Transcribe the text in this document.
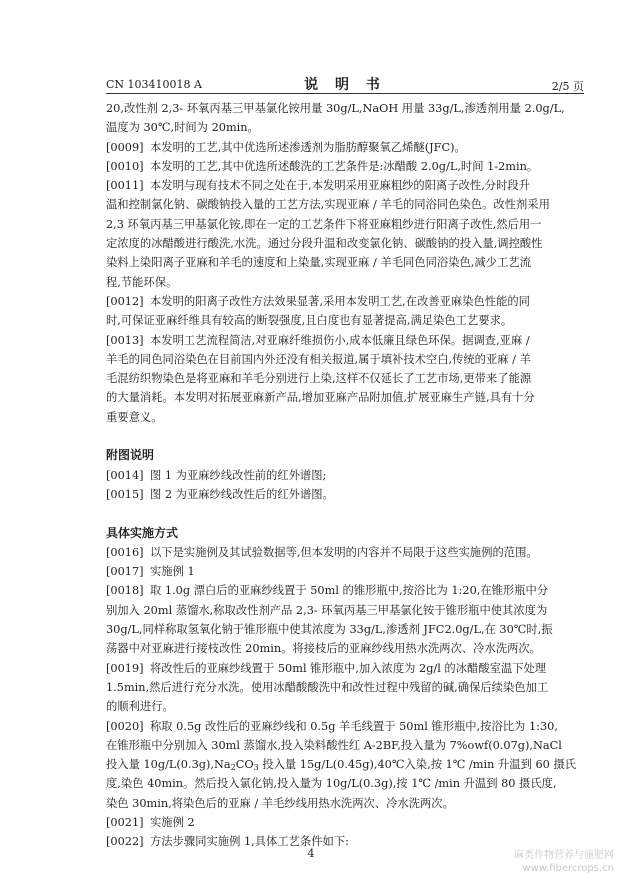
CN 103410018 A	说 明 书	2/5 页
20,改性剂 2,3- 环氧丙基三甲基氯化铵用量 30g/L,NaOH 用量 33g/L,渗透剂用量 2.0g/L,
温度为 30℃,时间为 20min。
[0009] 本发明的工艺,其中优选所述渗透剂为脂肪醇聚氧乙烯醚(JFC)。
[0010] 本发明的工艺,其中优选所述酸洗的工艺条件是:冰醋酸 2.0g/L,时间 1-2min。
[0011] 本发明与现有技术不同之处在于,本发明采用亚麻粗纱的阳离子改性,分时段升
温和控制氯化钠、碳酸钠投入量的工艺方法,实现亚麻 / 羊毛的同浴同色染色。改性剂采用
2,3 环氧丙基三甲基氯化铵,即在一定的工艺条件下将亚麻粗纱进行阳离子改性,然后用一
定浓度的冰醋酸进行酸洗,水洗。通过分段升温和改变氯化钠、碳酸钠的投入量,调控酸性
染料上染阳离子亚麻和羊毛的速度和上染量,实现亚麻 / 羊毛同色同浴染色,减少工艺流
程,节能环保。
[0012] 本发明的阳离子改性方法效果显著,采用本发明工艺,在改善亚麻染色性能的同
时,可保证亚麻纤维具有较高的断裂强度,且白度也有显著提高,满足染色工艺要求。
[0013] 本发明工艺流程简洁,对亚麻纤维损伤小,成本低廉且绿色环保。据调查,亚麻 /
羊毛的同色同浴染色在目前国内外还没有相关报道,属于填补技术空白,传统的亚麻 / 羊
毛混纺织物染色是将亚麻和羊毛分别进行上染,这样不仅延长了工艺市场,更带来了能源
的大量消耗。本发明对拓展亚麻新产品,增加亚麻产品附加值,扩展亚麻生产链,具有十分
重要意义。
附图说明
[0014] 图 1 为亚麻纱线改性前的红外谱图;
[0015] 图 2 为亚麻纱线改性后的红外谱图。
具体实施方式
[0016] 以下是实施例及其试验数据等,但本发明的内容并不局限于这些实施例的范围。
[0017] 实施例 1
[0018] 取 1.0g 漂白后的亚麻纱线置于 50ml 的锥形瓶中,按浴比为 1:20,在锥形瓶中分
别加入 20ml 蒸馏水,称取改性剂产品 2,3- 环氧丙基三甲基氯化铵于锥形瓶中使其浓度为
30g/L,同样称取氢氧化钠于锥形瓶中使其浓度为 33g/L,渗透剂 JFC2.0g/L,在 30℃时,振
荡器中对亚麻进行接枝改性 20min。将接枝后的亚麻纱线用热水洗两次、冷水洗两次。
[0019] 将改性后的亚麻纱线置于 50ml 锥形瓶中,加入浓度为 2g/l 的冰醋酸室温下处理
1.5min,然后进行充分水洗。使用冰醋酸酸洗中和改性过程中残留的碱,确保后续染色加工
的顺利进行。
[0020] 称取 0.5g 改性后的亚麻纱线和 0.5g 羊毛线置于 50ml 锥形瓶中,按浴比为 1:30,
在锥形瓶中分别加入 30ml 蒸馏水,投入染料酸性红 A-2BF,投入量为 7%owf(0.07g),NaCl
投入量 $10g/L(0.3g),Na_2CO_3$ 投入量 15g/L(0.45g),40℃入染,按 1℃ /min 升温到 60 摄氏
度,染色 40min。然后投入氯化钠,投入量为 10g/L(0.3g),按 1℃ /min 升温到 80 摄氏度,
染色 30min,将染色后的亚麻 / 羊毛纱线用热水洗两次、冷水洗两次。
[0021] 实施例 2
[0022] 方法步骤同实施例 1,具体工艺条件如下:
4	麻类作物营养与施肥网
www.fibercrops.cn
